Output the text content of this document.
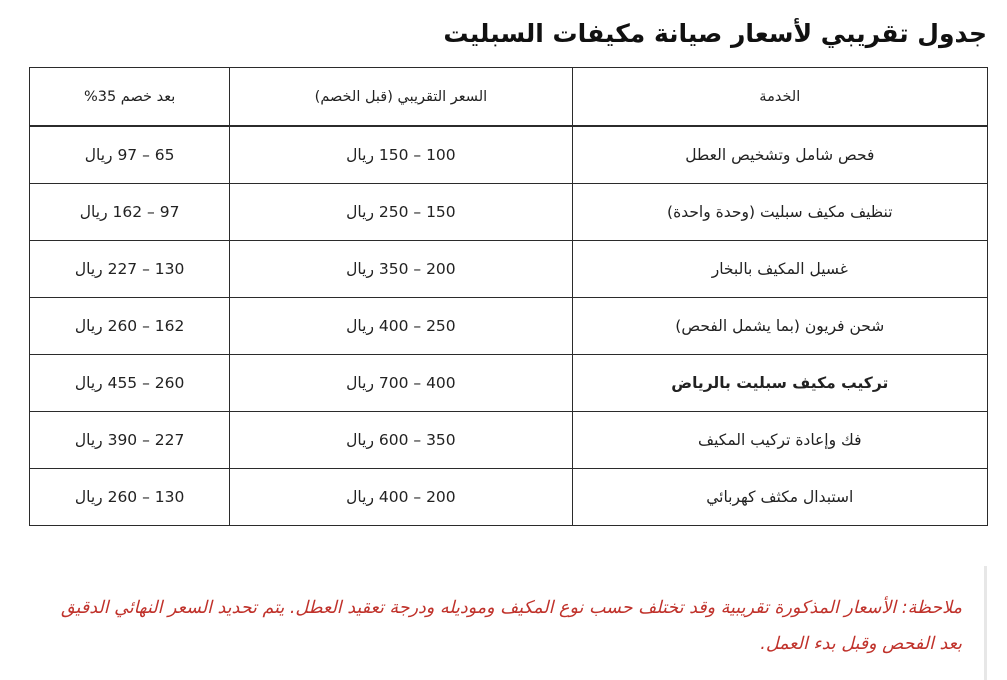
جدول تقريبي لأسعار صيانة مكيفات السبليت
الخدمة	السعر التقريبي (قبل الخصم)	بعد خصم 35%
فحص شامل وتشخيص العطل	100 – 150 ريال	65 – 97 ريال
تنظيف مكيف سبليت (وحدة واحدة)	150 – 250 ريال	97 – 162 ريال
غسيل المكيف بالبخار	200 – 350 ريال	130 – 227 ريال
شحن فريون (بما يشمل الفحص)	250 – 400 ريال	162 – 260 ريال
تركيب مكيف سبليت بالرياض	400 – 700 ريال	260 – 455 ريال
فك وإعادة تركيب المكيف	350 – 600 ريال	227 – 390 ريال
استبدال مكثف كهربائي	200 – 400 ريال	130 – 260 ريال

ملاحظة: الأسعار المذكورة تقريبية وقد تختلف حسب نوع المكيف وموديله ودرجة تعقيد العطل. يتم تحديد السعر النهائي الدقيق بعد الفحص وقبل بدء العمل.
